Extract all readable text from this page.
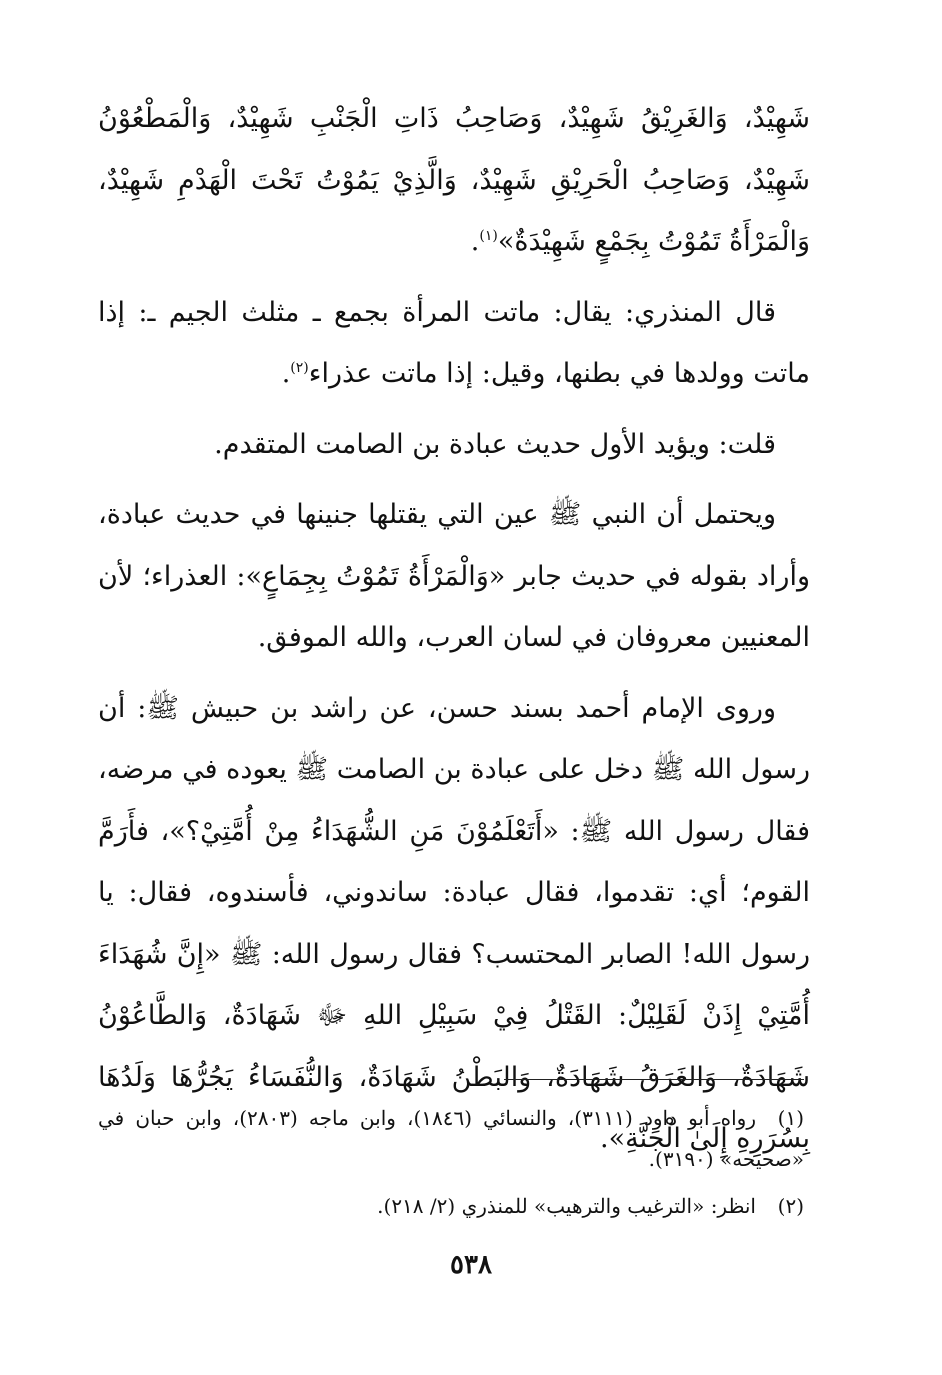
شَهِيْدٌ، وَالغَرِيْقُ شَهِيْدٌ، وَصَاحِبُ ذَاتِ الْجَنْبِ شَهِيْدٌ، وَالْمَطْعُوْنُ شَهِيْدٌ، وَصَاحِبُ الْحَرِيْقِ شَهِيْدٌ، وَالَّذِيْ يَمُوْتُ تَحْتَ الْهَدْمِ شَهِيْدٌ، وَالْمَرْأَةُ تَمُوْتُ بِجَمْعٍ شَهِيْدَةٌ»$^{(١)}$.

قال المنذري: يقال: ماتت المرأة بجمع ـ مثلث الجيم ـ: إذا ماتت وولدها في بطنها، وقيل: إذا ماتت عذراء$^{(٢)}$.

قلت: ويؤيد الأول حديث عبادة بن الصامت المتقدم.

ويحتمل أن النبي ﷺ عين التي يقتلها جنينها في حديث عبادة، وأراد بقوله في حديث جابر «وَالْمَرْأَةُ تَمُوْتُ بِجِمَاعٍ»: العذراء؛ لأن المعنيين معروفان في لسان العرب، والله الموفق.

وروى الإمام أحمد بسند حسن، عن راشد بن حبيش ﷺ: أن رسول الله ﷺ دخل على عبادة بن الصامت ﷺ يعوده في مرضه، فقال رسول الله ﷺ: «أَتَعْلَمُوْنَ مَنِ الشُّهَدَاءُ مِنْ أُمَّتِيْ؟»، فأَرَمَّ القوم؛ أي: تقدموا، فقال عبادة: ساندوني، فأسندوه، فقال: يا رسول الله! الصابر المحتسب؟ فقال رسول الله: ﷺ «إِنَّ شُهَدَاءَ أُمَّتِيْ إِذَنْ لَقَلِيْلٌ: القَتْلُ فِيْ سَبِيْلِ اللهِ ﷻ شَهَادَةٌ، وَالطَّاعُوْنُ شَهَادَةٌ، وَالغَرَقُ شَهَادَةٌ، وَالبَطْنُ شَهَادَةٌ، وَالنُّفَسَاءُ يَجُرُّهَا وَلَدُهَا بِسُرَرِهِ إِلَىٰ الْجَنَّةِ».

(١)رواه أبو داود (٣١١١)، والنسائي (١٨٤٦)، وابن ماجه (٢٨٠٣)، وابن حبان في «صحيحه» (٣١٩٠).

(٢)انظر: «الترغيب والترهيب» للمنذري (٢/ ٢١٨).

٥٣٨
